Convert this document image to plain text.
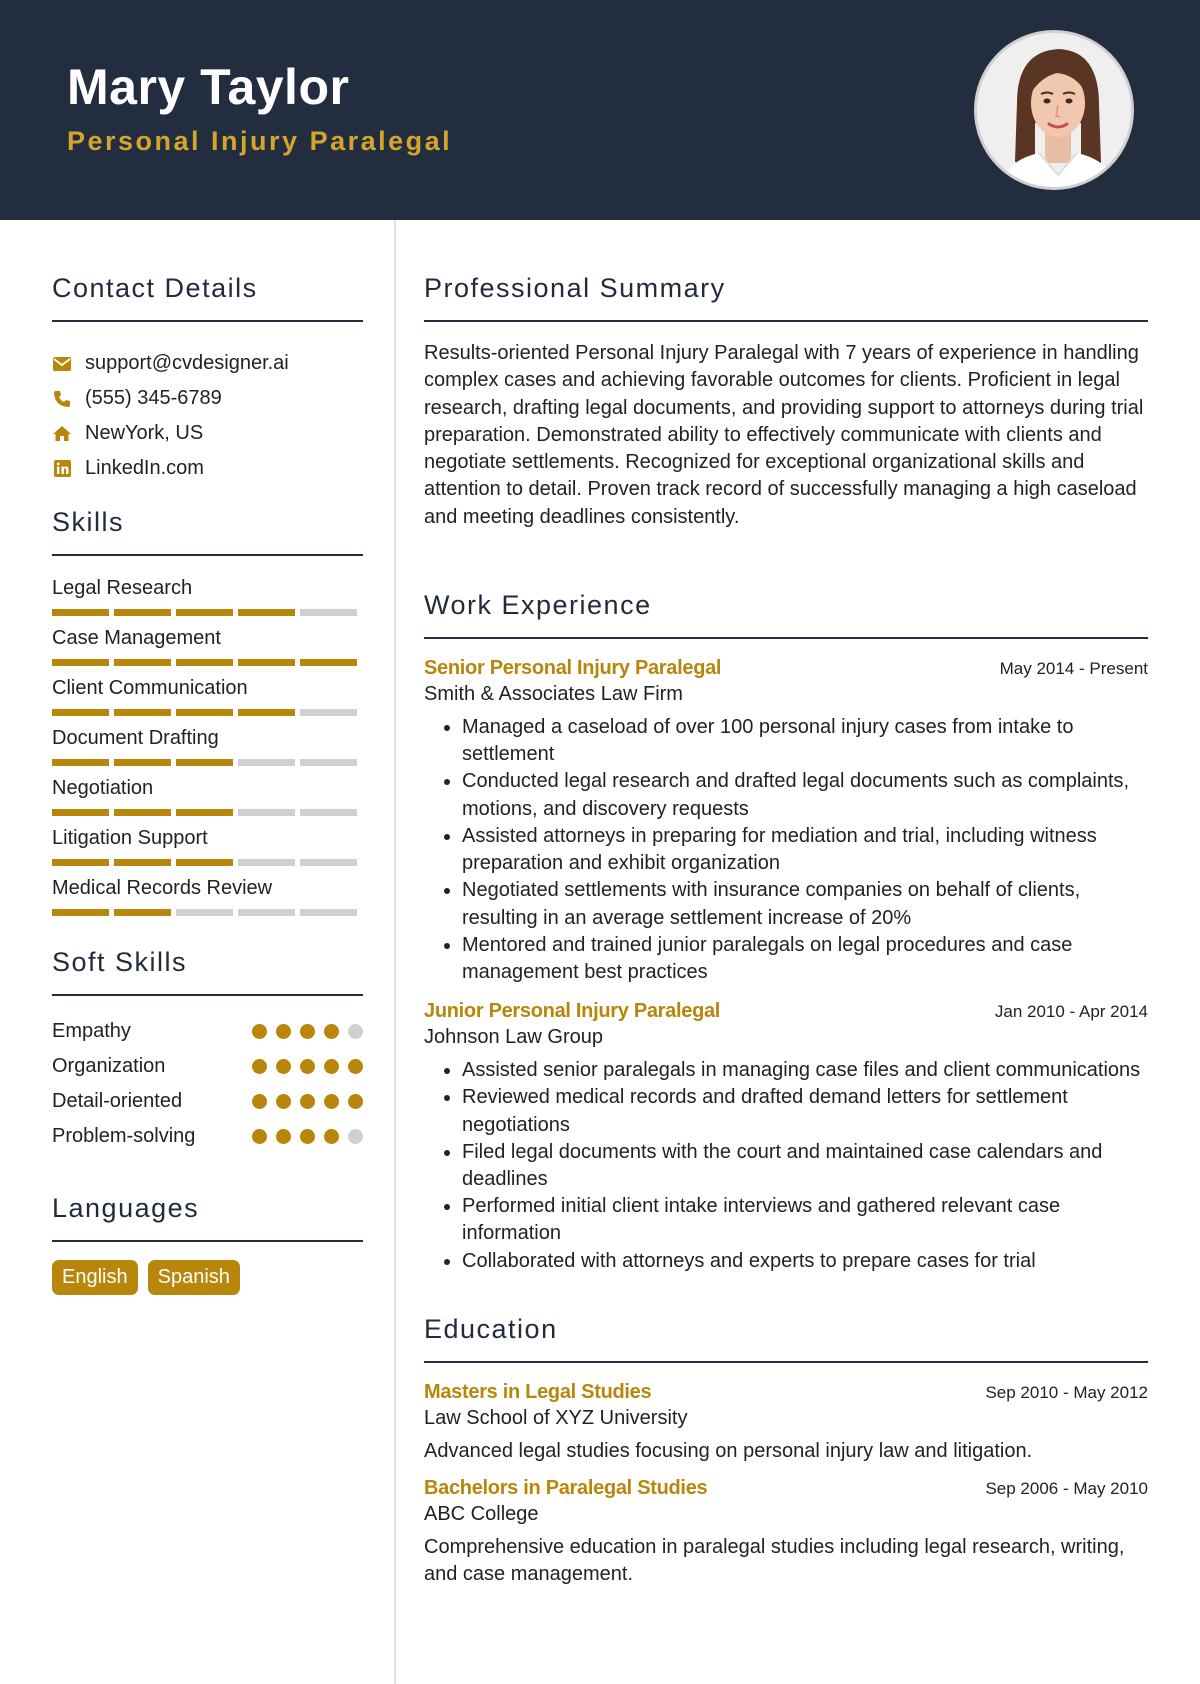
Mary Taylor
Personal Injury Paralegal
Contact Details
support@cvdesigner.ai
(555) 345-6789
NewYork, US
LinkedIn.com
Skills
Legal Research
Case Management
Client Communication
Document Drafting
Negotiation
Litigation Support
Medical Records Review
Soft Skills
Empathy
Organization
Detail-oriented
Problem-solving
Languages
English	Spanish
Professional Summary

Results-oriented Personal Injury Paralegal with 7 years of experience in handling complex cases and achieving favorable outcomes for clients. Proficient in legal research, drafting legal documents, and providing support to attorneys during trial preparation. Demonstrated ability to effectively communicate with clients and negotiate settlements. Recognized for exceptional organizational skills and attention to detail. Proven track record of successfully managing a high caseload and meeting deadlines consistently.

Work Experience
Senior Personal Injury Paralegal	May 2014 - Present
Smith & Associates Law Firm
• Managed a caseload of over 100 personal injury cases from intake to settlement
• Conducted legal research and drafted legal documents such as complaints, motions, and discovery requests
• Assisted attorneys in preparing for mediation and trial, including witness preparation and exhibit organization
• Negotiated settlements with insurance companies on behalf of clients, resulting in an average settlement increase of 20%
• Mentored and trained junior paralegals on legal procedures and case management best practices
Junior Personal Injury Paralegal	Jan 2010 - Apr 2014
Johnson Law Group
• Assisted senior paralegals in managing case files and client communications
• Reviewed medical records and drafted demand letters for settlement negotiations
• Filed legal documents with the court and maintained case calendars and deadlines
• Performed initial client intake interviews and gathered relevant case information
• Collaborated with attorneys and experts to prepare cases for trial
Education
Masters in Legal Studies	Sep 2010 - May 2012
Law School of XYZ University

Advanced legal studies focusing on personal injury law and litigation.

Bachelors in Paralegal Studies	Sep 2006 - May 2010
ABC College

Comprehensive education in paralegal studies including legal research, writing, and case management.
